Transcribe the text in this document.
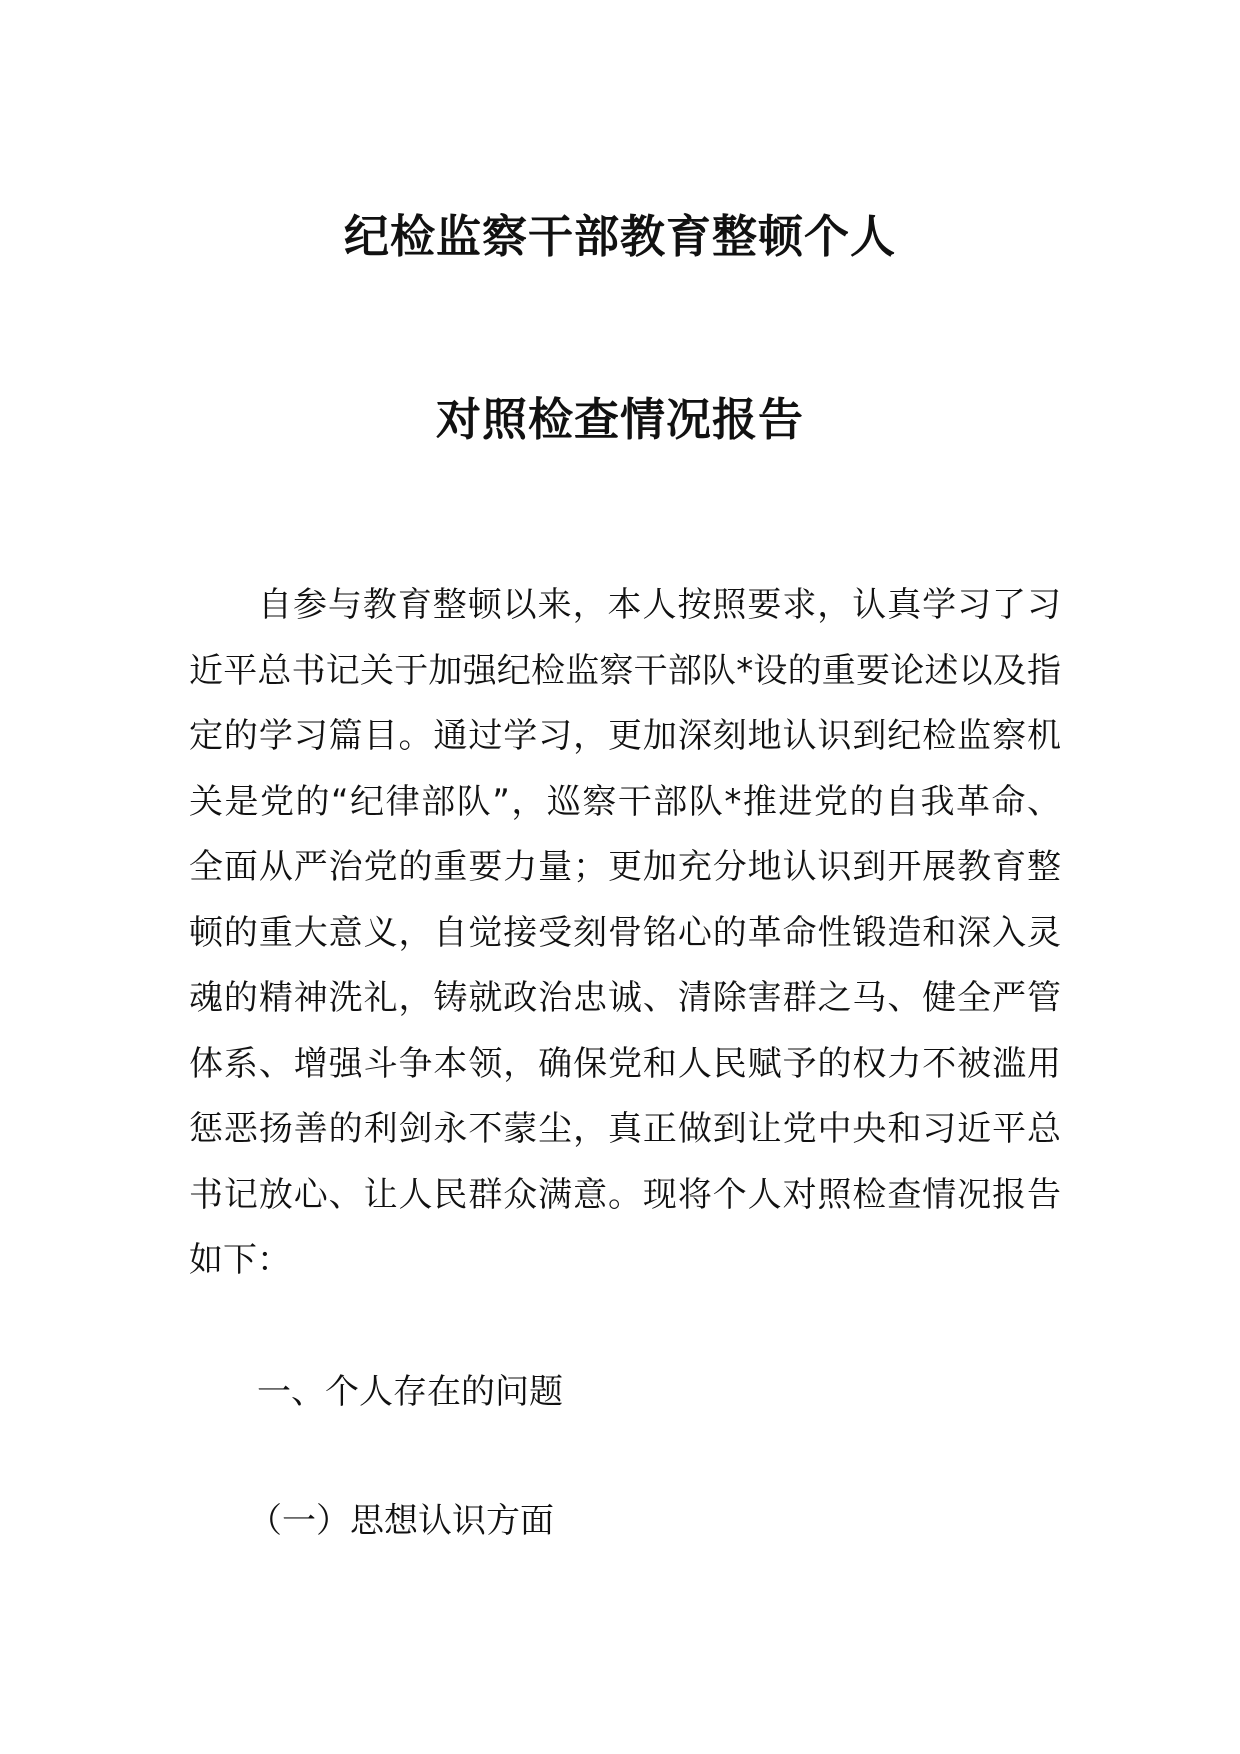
纪检监察干部教育整顿个人
对照检查情况报告
自参与教育整顿以来，本人按照要求，认真学习了习
近平总书记关于加强纪检监察干部队*设的重要论述以及指
定的学习篇目。通过学习，更加深刻地认识到纪检监察机
关是党的“纪律部队”，巡察干部队*推进党的自我革命、
全面从严治党的重要力量；更加充分地认识到开展教育整
顿的重大意义，自觉接受刻骨铭心的革命性锻造和深入灵
魂的精神洗礼，铸就政治忠诚、清除害群之马、健全严管
体系、增强斗争本领，确保党和人民赋予的权力不被滥用
惩恶扬善的利剑永不蒙尘，真正做到让党中央和习近平总
书记放心、让人民群众满意。现将个人对照检查情况报告
如下：
一、个人存在的问题
（一）思想认识方面
